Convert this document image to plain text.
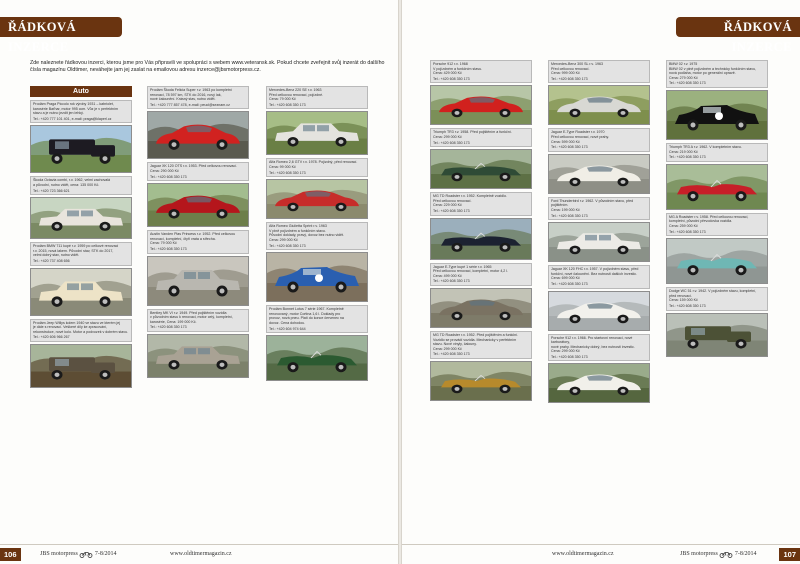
ŘÁDKOVÁ INZERCE
Zde naleznete řádkovou inzerci, kterou jsme pro Vás připravili ve spolupráci s webem www.veteransk.sk. Pokud chcete zveřejnit svůj inzerát do dalšího čísla magazínu Oldtimer, neváhejte jam jej zaslat na emailovou adresu inzerce@jbsmotorpress.cz.
Auto
Prodám Praga Piccolo rok výroby 1931 – kabriolet,
karosérie Baťhar, motor 995 ccm. Vůz je v perfektním
stavu a je nutno jezdit jen lehký.
Tel.: +420 777 101 401, e-mail: praga@klaperl.cz
Škoda Octavia combi, r.v. 1962, velmi zachovalá
a původní, nutno vidět, cena: 135 000 Kč.
Tel.: +420 723 366 621
Prodám BMW 711 kupé r.v. 1959 po celkové renovaci
r.v. 2015, nová lakem. Původní stav, STK do 2017,
velmi dobrý stav, nutno vidět.
Tel.: +420 737 408 656
Prodám Jeep Willys kolem 1940 ve stavu ve kterém jej
je dále s renovací. Veškeré díly ke zpracování,
rekonstrukce, nové kolo. Motor a podvozek v dobrém stavu.
Tel.: +420 606 966 267
Prodám Škoda Felicia Super r.v. 1963 po kompletní
renovaci, 78 597 km, STK do 2016, nový lak,
nové čalounění. Krásný stav, nutno vidět.
Tel.: +420 777 857 478, e-mail: peucl@seznam.cz
Jaguar XK 120 OTS r.v. 1953. Před celkovou renovací.
Cena: 290 000 Kč
Tel.: +420 608 350 173
Austin Vanden Plas Princess r.v. 1952. Před celkovou
renovací, kompletní, čtyři vrata a střecha.
Cena: 79 000 Kč
Tel.: +420 608 350 173
Bentley MK VI r.v. 1949. Před pojištěním vozidla
v původním stavu k renovaci, motor celý, kompletní,
karosérie, Cena: 199 000 Kč.
Tel.: +420 608 350 173
Mercedes-Benz 220 SE r.v. 1963
Před celkovou renovací, pojízdné.
Cena: 79 000 Kč
Tel.: +420 608 350 173
Alfa Romeo 2,6 GTV r.v. 1978. Pojízdný, před renovací.
Cena: 99 000 Kč
Tel.: +420 608 350 173
Alfa Romeo Giulietta Sprint r.v. 1963
V plně pojízdném a funkčním stavu.
Původní doklady, pravý, dovoz bez nutno vidět.
Cena: 299 000 Kč
Tel.: +420 608 350 173
Prodám Bonnet Lotus 7 série 1967. Kompletně
renovovaný, motor Cortina 1,6 l. Doklady pro
provoz, nová pneu. Platí do konce červenec na
dovoz. Cena dohodou.
Tel.: +420 604 974 644
106	JBS motorpress	7-8/2014	www.oldtimermagazin.cz
ŘÁDKOVÁ INZERCE
Porsche 912 r.v. 1968
V pojízdném a funkčním stavu.
Cena: 429 000 Kč
Tel.: +420 608 350 173
Triumph TR3 r.v. 1958. Před pojištěním a funkční.
Cena: 299 000 Kč
Tel.: +420 608 350 173
MG TD Roadster r.v. 1952. Kompletně vozidlo.
Před celkovou renovací.
Cena: 229 000 Kč
Tel.: +420 608 350 173
Jaguar E-Type kupé 1 série r.v. 1965
Před celkovou renovací, kompletní, motor 4,2 l.
Cena: 499 000 Kč
Tel.: +420 608 350 173
MG TD Roadster r.v. 1952. Před pojištěním a funkční.
Vozidlo se provádí vozidla. Mechanicky v perfektním
stavu. Nové vinyly, čalouny.
Cena: 299 000 Kč
Tel.: +420 608 350 173
Mercedes-Benz 300 SL r.v. 1963
Před celkovou renovací.
Cena: 999 000 Kč
Tel.: +420 608 350 173
Jaguar E-Type Roadster r.v. 1970
Před celkovou renovací, nové prahy.
Cena: 599 000 Kč
Tel.: +420 608 350 173
Ford Thunderbird r.v. 1962. V původním stavu, před
pojištěním.
Cena: 199 000 Kč
Tel.: +420 608 350 173
Jaguar XK 120 FHC r.v. 1957. V pojízdném stavu, před
funkční, nové čalounění. Bez nutnosti dalších investic.
Cena: 699 000 Kč
Tel.: +420 608 350 173
Porsche 912 r.v. 1966. Pro startovní renovaci, nové karburátory,
nové prahy. Mechanicky dobrý, bez nutnosti investic.
Cena: 299 000 Kč
Tel.: +420 608 350 173
BMW 02 r.v. 1975
BMW 02 v plně pojízdném a technicky funkčním stavu,
nová podlaha, motor po generální opravě.
Cena: 279 000 Kč
Tel.: +420 608 350 173
Triumph TR3 A r.v. 1962. V kompletním stavu.
Cena: 219 000 Kč
Tel.: +420 608 350 173
MG A Roadster r.v. 1958. Před celkovou renovací,
kompletní, původní převodovka vozidla.
Cena: 259 000 Kč
Tel.: +420 608 350 173
Dodge WC 51 r.v. 1942. V pojízdném stavu, kompletní,
před renovací.
Cena: 159 000 Kč
Tel.: +420 608 350 173
www.oldtimermagazin.cz	JBS motorpress	7-8/2014	107
